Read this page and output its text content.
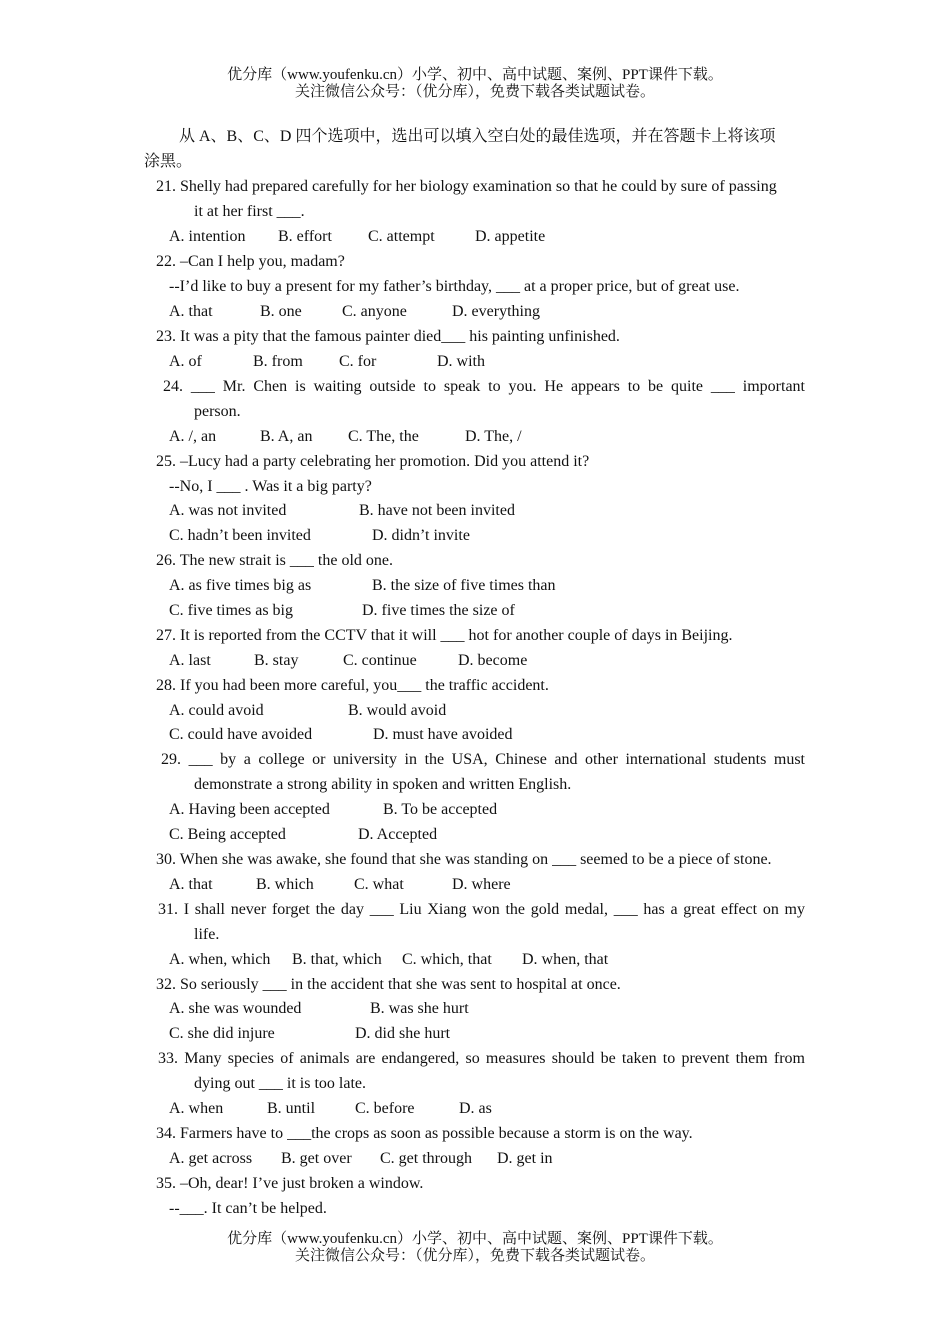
优分库（www.youfenku.cn）小学、初中、高中试题、案例、PPT课件下载。
关注微信公众号：（优分库），免费下载各类试题试卷。
从 A、B、C、D 四个选项中，选出可以填入空白处的最佳选项，并在答题卡上将该项
涂黑。
21. Shelly had prepared carefully for her biology examination so that he could by sure of passing
it at her first ___.
A. intention B. effort C. attempt	D. appetite
22. –Can I help you, madam?
--I’d like to buy a present for my father’s birthday, ___ at a proper price, but of great use.
A. that	B. one	C. anyone	D. everything
23. It was a pity that the famous painter died___ his painting unfinished.
A. of	B. from C. for	D. with
24. ___ Mr. Chen is waiting outside to speak to you. He appears to be quite ___ important
person.
A. /, an	B. A, an C. The, the	D. The, /
25. –Lucy had a party celebrating her promotion. Did you attend it?
--No, I ___ . Was it a big party?
A. was not invited	B. have not been invited
C. hadn’t been invited	D. didn’t invite
26. The new strait is ___ the old one.
A. as five times big as	B. the size of five times than
C. five times as big	D. five times the size of
27. It is reported from the CCTV that it will ___ hot for another couple of days in Beijing.
A. last	B. stay	C. continue	D. become
28. If you had been more careful, you___ the traffic accident.
A. could avoid	B. would avoid
C. could have avoided	D. must have avoided
29. ___ by a college or university in the USA, Chinese and other international students must
demonstrate a strong ability in spoken and written English.
A. Having been accepted	B. To be accepted
C. Being accepted	D. Accepted
30. When she was awake, she found that she was standing on ___ seemed to be a piece of stone.
A. that	B. which	C. what	D. where
31. I shall never forget the day ___ Liu Xiang won the gold medal, ___ has a great effect on my
life.
A. when, which B. that, which C. which, that D. when, that
32. So seriously ___ in the accident that she was sent to hospital at once.
A. she was wounded	B. was she hurt
C. she did injure	D. did she hurt
33. Many species of animals are endangered, so measures should be taken to prevent them from
dying out ___ it is too late.
A. when	B. until C. before	D. as
34. Farmers have to ___the crops as soon as possible because a storm is on the way.
A. get across B. get over C. get through D. get in
35. –Oh, dear! I’ve just broken a window.
--___. It can’t be helped.
优分库（www.youfenku.cn）小学、初中、高中试题、案例、PPT课件下载。
关注微信公众号：（优分库），免费下载各类试题试卷。
